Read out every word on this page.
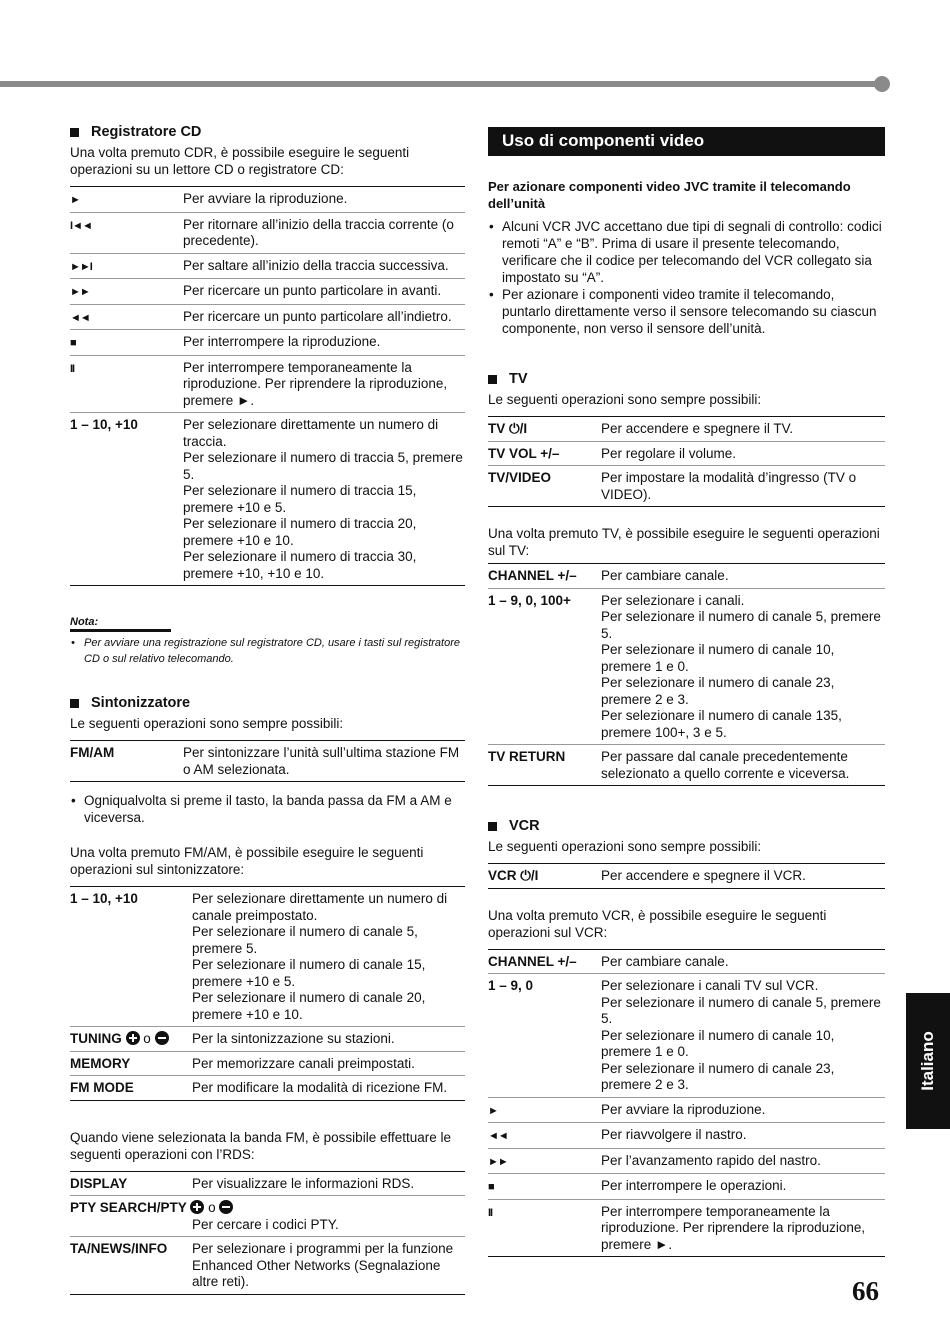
Registratore CD

Una volta premuto CDR, è possibile eseguire le seguenti operazioni su un lettore CD o registratore CD:

►	Per avviare la riproduzione.
I◄◄	Per ritornare all’inizio della traccia corrente (o precedente).
►►I	Per saltare all’inizio della traccia successiva.
►►	Per ricercare un punto particolare in avanti.
◄◄	Per ricercare un punto particolare all’indietro.
■	Per interrompere la riproduzione.
II	Per interrompere temporaneamente la riproduzione. Per riprendere la riproduzione, premere ►.
1 – 10, +10	Per selezionare direttamente un numero di traccia.
Per selezionare il numero di traccia 5, premere 5.
Per selezionare il numero di traccia 15, premere +10 e 5.
Per selezionare il numero di traccia 20, premere +10 e 10.
Per selezionare il numero di traccia 30, premere +10, +10 e 10.
Nota:
• Per avviare una registrazione sul registratore CD, usare i tasti sul registratore CD o sul relativo telecomando.
Sintonizzatore

Le seguenti operazioni sono sempre possibili:

FM/AM	Per sintonizzare l’unità sull’ultima stazione FM o AM selezionata.
• Ogniqualvolta si preme il tasto, la banda passa da FM a AM e viceversa.

Una volta premuto FM/AM, è possibile eseguire le seguenti operazioni sul sintonizzatore:

1 – 10, +10	Per selezionare direttamente un numero di canale preimpostato.
Per selezionare il numero di canale 5, premere 5.
Per selezionare il numero di canale 15, premere +10 e 5.
Per selezionare il numero di canale 20, premere +10 e 10.
TUNING o	Per la sintonizzazione su stazioni.
MEMORY	Per memorizzare canali preimpostati.
FM MODE	Per modificare la modalità di ricezione FM.

Quando viene selezionata la banda FM, è possibile effettuare le seguenti operazioni con l’RDS:

DISPLAY	Per visualizzare le informazioni RDS.
PTY SEARCH/PTY o	
	Per cercare i codici PTY.
TA/NEWS/INFO	Per selezionare i programmi per la funzione Enhanced Other Networks (Segnalazione altre reti).
Uso di componenti video
Per azionare componenti video JVC tramite il telecomando dell’unità
• Alcuni VCR JVC accettano due tipi di segnali di controllo: codici remoti “A” e “B”. Prima di usare il presente telecomando, verificare che il codice per telecomando del VCR collegato sia impostato su “A”.
• Per azionare i componenti video tramite il telecomando, puntarlo direttamente verso il sensore telecomando su ciascun componente, non verso il sensore dell’unità.
TV

Le seguenti operazioni sono sempre possibili:

TV ⏻/I	Per accendere e spegnere il TV.
TV VOL +/–	Per regolare il volume.
TV/VIDEO	Per impostare la modalità d’ingresso (TV o VIDEO).

Una volta premuto TV, è possibile eseguire le seguenti operazioni sul TV:

CHANNEL +/–	Per cambiare canale.
1 – 9, 0, 100+	Per selezionare i canali.
Per selezionare il numero di canale 5, premere 5.
Per selezionare il numero di canale 10, premere 1 e 0.
Per selezionare il numero di canale 23, premere 2 e 3.
Per selezionare il numero di canale 135, premere 100+, 3 e 5.
TV RETURN	Per passare dal canale precedentemente selezionato a quello corrente e viceversa.
VCR

Le seguenti operazioni sono sempre possibili:

VCR ⏻/I	Per accendere e spegnere il VCR.

Una volta premuto VCR, è possibile eseguire le seguenti operazioni sul VCR:

CHANNEL +/–	Per cambiare canale.
1 – 9, 0	Per selezionare i canali TV sul VCR.
Per selezionare il numero di canale 5, premere 5.
Per selezionare il numero di canale 10, premere 1 e 0.
Per selezionare il numero di canale 23, premere 2 e 3.
►	Per avviare la riproduzione.
◄◄	Per riavvolgere il nastro.
►►	Per l’avanzamento rapido del nastro.
■	Per interrompere le operazioni.
II	Per interrompere temporaneamente la riproduzione. Per riprendere la riproduzione, premere ►.
Italiano
66
